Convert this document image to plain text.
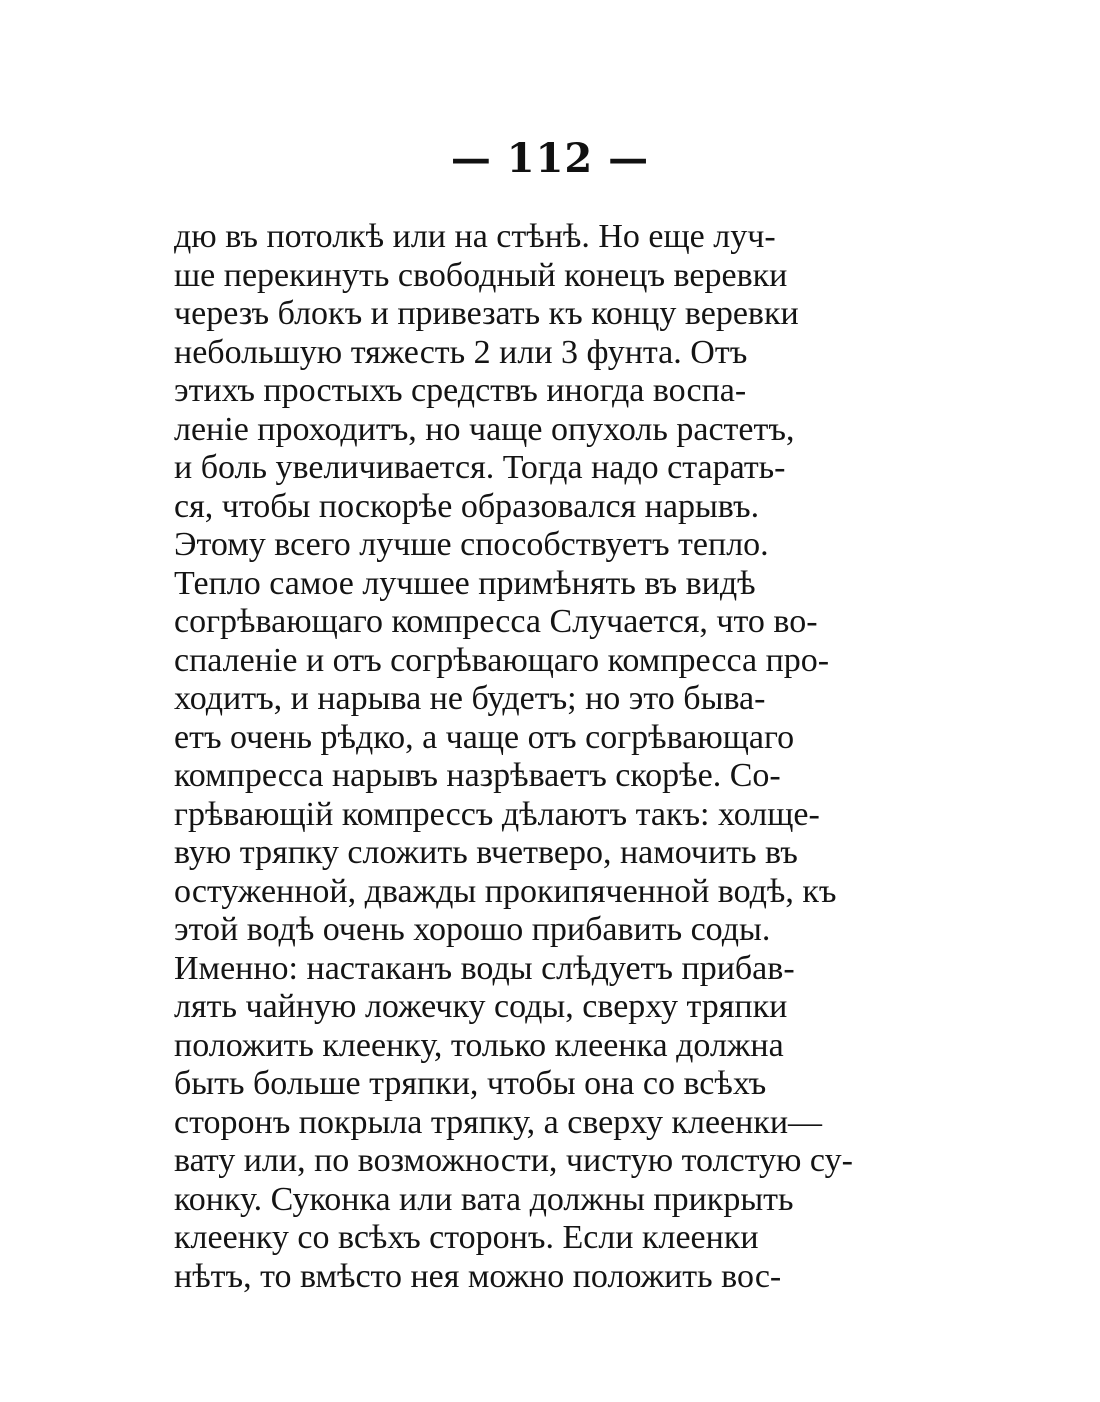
— 112 —
дю въ потолкѣ или на стѣнѣ. Но еще луч-
ше перекинуть свободный конецъ веревки
черезъ блокъ и привезать къ концу веревки
небольшую тяжесть 2 или 3 фунта. Отъ
этихъ простыхъ средствъ иногда воспа-
леніе проходитъ, но чаще опухоль растетъ,
и боль увеличивается. Тогда надо старать-
ся, чтобы поскорѣе образовался нарывъ.
Этому всего лучше способствуетъ тепло.
Тепло самое лучшее примѣнять въ видѣ
согрѣвающаго компресса Случается, что во-
спаленіе и отъ согрѣвающаго компресса про-
ходитъ, и нарыва не будетъ; но это быва-
етъ очень рѣдко, а чаще отъ согрѣвающаго
компресса нарывъ назрѣваетъ скорѣе. Со-
грѣвающій компрессъ дѣлаютъ такъ: холще-
вую тряпку сложить вчетверо, намочить въ
остуженной, дважды прокипяченной водѣ, къ
этой водѣ очень хорошо прибавить соды.
Именно: настаканъ воды слѣдуетъ прибав-
лять чайную ложечку соды, сверху тряпки
положить клеенку, только клеенка должна
быть больше тряпки, чтобы она со всѣхъ
сторонъ покрыла тряпку, а сверху клеенки—
вату или, по возможности, чистую толстую су-
конку. Суконка или вата должны прикрыть
клеенку со всѣхъ сторонъ. Если клеенки
нѣтъ, то вмѣсто нея можно положить вос-
